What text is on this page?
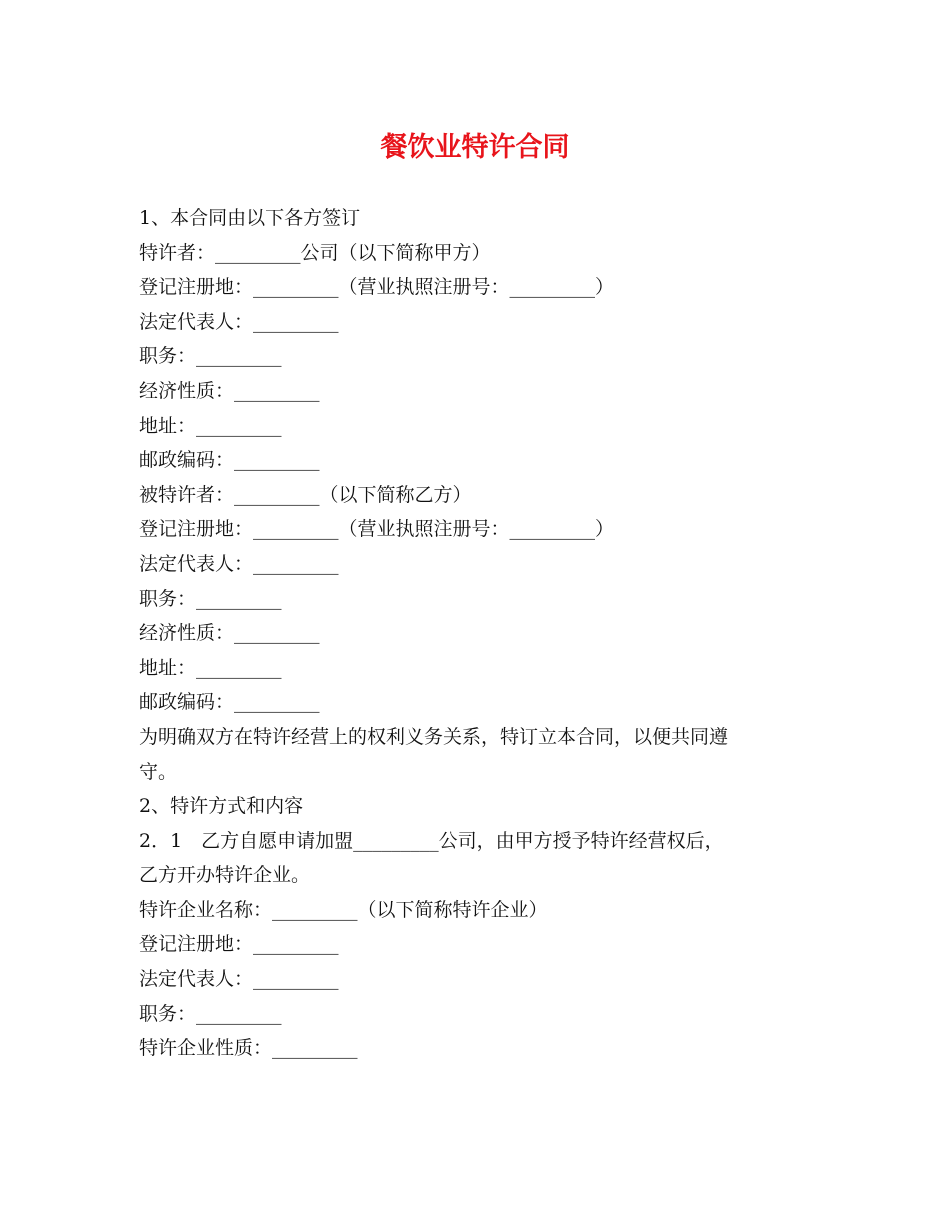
餐饮业特许合同

1、本合同由以下各方签订

特许者：_________公司（以下简称甲方）

登记注册地：_________（营业执照注册号：_________）

法定代表人：_________

职务：_________

经济性质：_________

地址：_________

邮政编码：_________

被特许者：_________（以下简称乙方）

登记注册地：_________（营业执照注册号：_________）

法定代表人：_________

职务：_________

经济性质：_________

地址：_________

邮政编码：_________

为明确双方在特许经营上的权利义务关系，特订立本合同，以便共同遵

守。

2、特许方式和内容

2．1　乙方自愿申请加盟_________公司，由甲方授予特许经营权后，

乙方开办特许企业。

特许企业名称：_________（以下简称特许企业）

登记注册地：_________

法定代表人：_________

职务：_________

特许企业性质：_________
